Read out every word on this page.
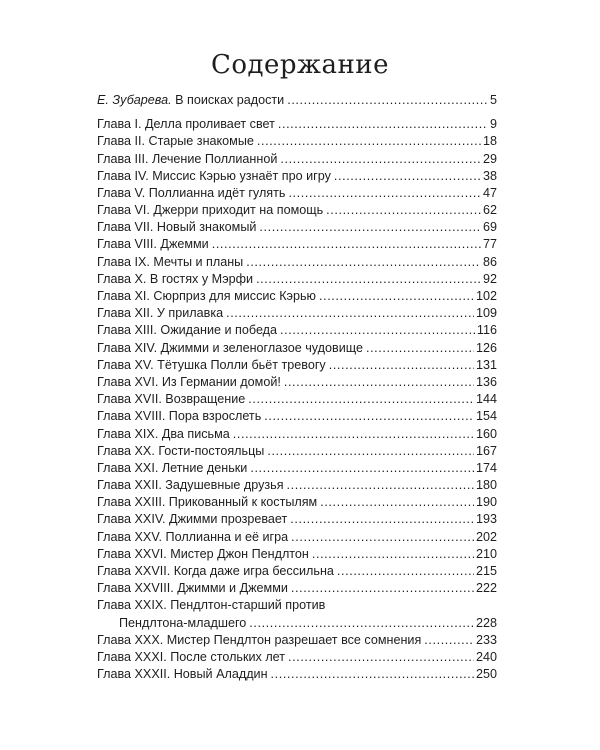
Содержание
Е. Зубарева. В поисках радости .....	5
Глава I. Делла проливает свет .....	9
Глава II. Старые знакомые .....	18
Глава III. Лечение Поллианной .....	29
Глава IV. Миссис Кэрью узнаёт про игру .....	38
Глава V. Поллианна идёт гулять .....	47
Глава VI. Джерри приходит на помощь .....	62
Глава VII. Новый знакомый .....	69
Глава VIII. Джемми .....	77
Глава IX. Мечты и планы .....	86
Глава X. В гостях у Мэрфи .....	92
Глава XI. Сюрприз для миссис Кэрью .....	102
Глава XII. У прилавка .....	109
Глава XIII. Ожидание и победа .....	116
Глава XIV. Джимми и зеленоглазое чудовище .....	126
Глава XV. Тётушка Полли бьёт тревогу .....	131
Глава XVI. Из Германии домой! .....	136
Глава XVII. Возвращение .....	144
Глава XVIII. Пора взрослеть .....	154
Глава XIX. Два письма .....	160
Глава XX. Гости-постояльцы .....	167
Глава XXI. Летние деньки .....	174
Глава XXII. Задушевные друзья .....	180
Глава XXIII. Прикованный к костылям .....	190
Глава XXIV. Джимми прозревает .....	193
Глава XXV. Поллианна и её игра .....	202
Глава XXVI. Мистер Джон Пендлтон .....	210
Глава XXVII. Когда даже игра бессильна .....	215
Глава XXVIII. Джимми и Джемми .....	222
Глава XXIX. Пендлтон-старший против
Пендлтона-младшего .....	228
Глава XXX. Мистер Пендлтон разрешает все сомнения .....	233
Глава XXXI. После стольких лет .....	240
Глава XXXII. Новый Аладдин .....	250
